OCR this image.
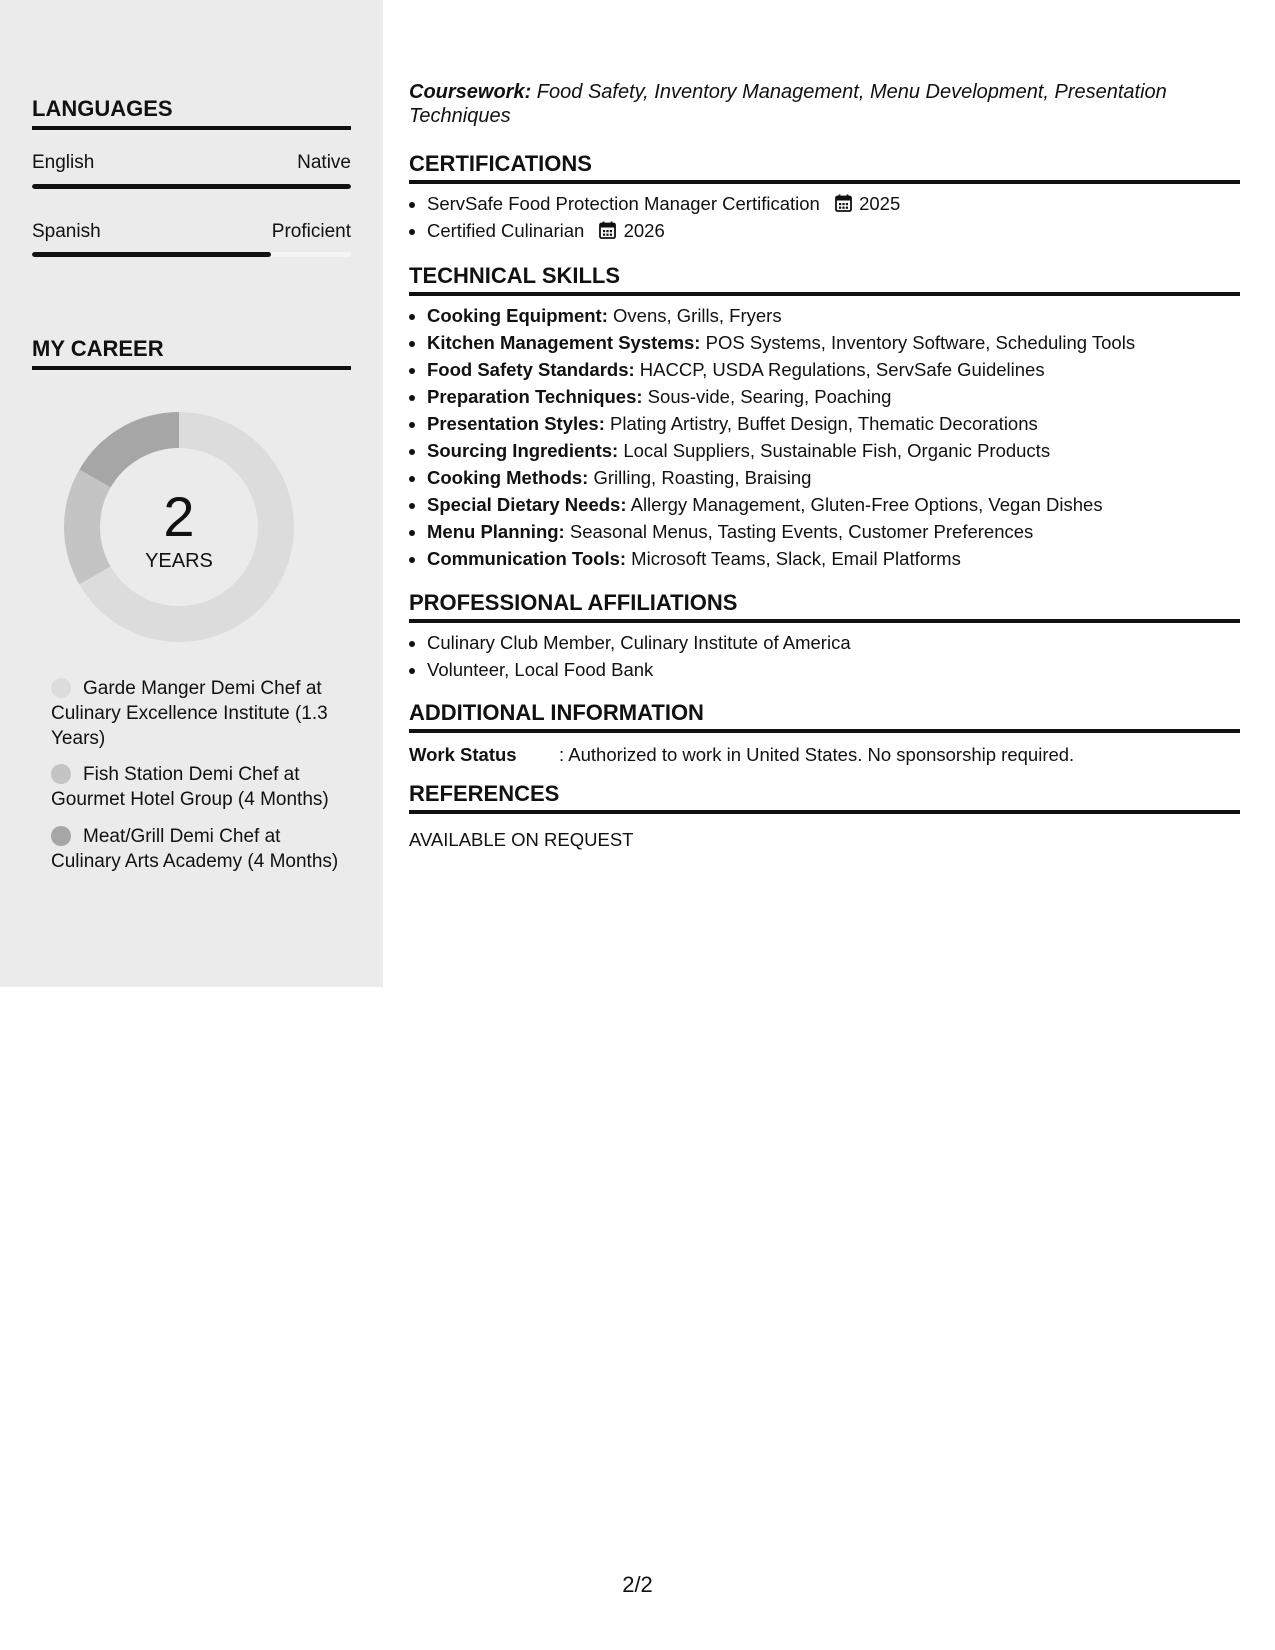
LANGUAGES
English	Native
Spanish	Proficient
MY CAREER
2
YEARS
Garde Manger Demi Chef at Culinary Excellence Institute (1.3 Years)
Fish Station Demi Chef at Gourmet Hotel Group (4 Months)
Meat/Grill Demi Chef at Culinary Arts Academy (4 Months)
Coursework: Food Safety, Inventory Management, Menu Development, Presentation Techniques
CERTIFICATIONS
• ServSafe Food Protection Manager Certification 2025
• Certified Culinarian 2026
TECHNICAL SKILLS
• Cooking Equipment: Ovens, Grills, Fryers
• Kitchen Management Systems: POS Systems, Inventory Software, Scheduling Tools
• Food Safety Standards: HACCP, USDA Regulations, ServSafe Guidelines
• Preparation Techniques: Sous-vide, Searing, Poaching
• Presentation Styles: Plating Artistry, Buffet Design, Thematic Decorations
• Sourcing Ingredients: Local Suppliers, Sustainable Fish, Organic Products
• Cooking Methods: Grilling, Roasting, Braising
• Special Dietary Needs: Allergy Management, Gluten-Free Options, Vegan Dishes
• Menu Planning: Seasonal Menus, Tasting Events, Customer Preferences
• Communication Tools: Microsoft Teams, Slack, Email Platforms
PROFESSIONAL AFFILIATIONS
• Culinary Club Member, Culinary Institute of America
• Volunteer, Local Food Bank
ADDITIONAL INFORMATION
Work Status : Authorized to work in United States. No sponsorship required.
REFERENCES
AVAILABLE ON REQUEST
2/2
